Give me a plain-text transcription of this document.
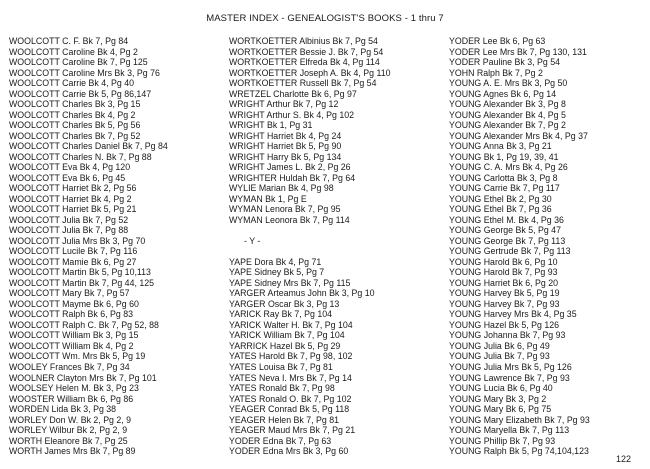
MASTER INDEX - GENEALOGIST'S BOOKS - 1 thru 7
WOOLCOTT C. F. Bk 7, Pg 84
WOOLCOTT Caroline Bk 4, Pg 2
WOOLCOTT Caroline Bk 7, Pg 125
WOOLCOTT Caroline Mrs Bk 3, Pg 76
WOOLCOTT Carrie Bk 4, Pg 40
WOOLCOTT Carrie Bk 5, Pg 86,147
WOOLCOTT Charles Bk 3, Pg 15
WOOLCOTT Charles Bk 4, Pg 2
WOOLCOTT Charles Bk 5, Pg 56
WOOLCOTT Charles Bk 7, Pg 52
WOOLCOTT Charles Daniel Bk 7, Pg 84
WOOLCOTT Charles N. Bk 7, Pg 88
WOOLCOTT Eva Bk 4, Pg 120
WOOLCOTT Eva Bk 6, Pg 45
WOOLCOTT Harriet Bk 2, Pg 56
WOOLCOTT Harriet Bk 4, Pg 2
WOOLCOTT Harriet Bk 5, Pg 21
WOOLCOTT Julia Bk 7, Pg 52
WOOLCOTT Julia Bk 7, Pg 88
WOOLCOTT Julia Mrs Bk 3, Pg 70
WOOLCOTT Lucile Bk 7, Pg 116
WOOLCOTT Mamie Bk 6, Pg 27
WOOLCOTT Martin Bk 5, Pg 10,113
WOOLCOTT Martin Bk 7, Pg 44, 125
WOOLCOTT Mary Bk 7, Pg 57
WOOLCOTT Mayme Bk 6, Pg 60
WOOLCOTT Ralph Bk 6, Pg 83
WOOLCOTT Ralph C. Bk 7, Pg 52, 88
WOOLCOTT William Bk 3, Pg 15
WOOLCOTT William Bk 4, Pg 2
WOOLCOTT Wm. Mrs Bk 5, Pg 19
WOOLEY Frances Bk 7, Pg 34
WOOLNER Clayton Mrs Bk 7, Pg 101
WOOLSEY Helen M. Bk 3, Pg 23
WOOSTER William Bk 6, Pg 86
WORDEN Lida Bk 3, Pg 38
WORLEY Don W. Bk 2, Pg 2, 9
WORLEY Wilbur Bk 2, Pg 2, 9
WORTH Eleanore Bk 7, Pg 25
WORTH James Mrs Bk 7, Pg 89
WORTKOETTER Albinius Bk 7, Pg 54
WORTKOETTER Bessie J. Bk 7, Pg 54
WORTKOETTER Elfreda Bk 4, Pg 114
WORTKOETTER Joseph A. Bk 4, Pg 110
WORTKOETTER Russell Bk 7, Pg 54
WRETZEL Charlotte Bk 6, Pg 97
WRIGHT Arthur Bk 7, Pg 12
WRIGHT Arthur S. Bk 4, Pg 102
WRIGHT Bk 1, Pg 31
WRIGHT Harriet Bk 4, Pg 24
WRIGHT Harriet Bk 5, Pg 90
WRIGHT Harry Bk 5, Pg 134
WRIGHT James L. Bk 2, Pg 26
WRIGHTER Huldah Bk 7, Pg 64
WYLIE Marian Bk 4, Pg 98
WYMAN Bk 1, Pg E
WYMAN Lenora Bk 7, Pg 95
WYMAN Leonora Bk 7, Pg 114
- Y -
YAPE Dora Bk 4, Pg 71
YAPE Sidney Bk 5, Pg 7
YAPE Sidney Mrs Bk 7, Pg 115
YARGER Arteamus John Bk 3, Pg 10
YARGER Oscar Bk 3, Pg 13
YARICK Ray Bk 7, Pg 104
YARICK Walter H. Bk 7, Pg 104
YARICK William Bk 7, Pg 104
YARRICK Hazel Bk 5, Pg 29
YATES Harold Bk 7, Pg 98, 102
YATES Louisa Bk 7, Pg 81
YATES Neva I. Mrs Bk 7, Pg 14
YATES Ronald Bk 7, Pg 98
YATES Ronald O. Bk 7, Pg 102
YEAGER Conrad Bk 5, Pg 118
YEAGER Helen Bk 7, Pg 81
YEAGER Maud Mrs Bk 7, Pg 21
YODER Edna Bk 7, Pg 63
YODER Edna Mrs Bk 3, Pg 60
YODER Lee Bk 6, Pg 63
YODER Lee Mrs Bk 7, Pg 130, 131
YODER Pauline Bk 3, Pg 54
YOHN Ralph Bk 7, Pg 2
YOUNG A. E. Mrs Bk 3, Pg 50
YOUNG Agnes Bk 6, Pg 14
YOUNG Alexander Bk 3, Pg 8
YOUNG Alexander Bk 4, Pg 5
YOUNG Alexander Bk 7, Pg 2
YOUNG Alexander Mrs Bk 4, Pg 37
YOUNG Anna Bk 3, Pg 21
YOUNG Bk 1, Pg 19, 39, 41
YOUNG C. A. Mrs Bk 4, Pg 26
YOUNG Carlotta Bk 3, Pg 8
YOUNG Carrie Bk 7, Pg 117
YOUNG Ethel Bk 2, Pg 30
YOUNG Ethel Bk 7, Pg 36
YOUNG Ethel M. Bk 4, Pg 36
YOUNG George Bk 5, Pg 47
YOUNG George Bk 7, Pg 113
YOUNG Gertrude Bk 7, Pg 113
YOUNG Harold Bk 6, Pg 10
YOUNG Harold Bk 7, Pg 93
YOUNG Harriet Bk 6, Pg 20
YOUNG Harvey Bk 5, Pg 19
YOUNG Harvey Bk 7, Pg 93
YOUNG Harvey Mrs Bk 4, Pg 35
YOUNG Hazel Bk 5, Pg 126
YOUNG Johanna Bk 7, Pg 93
YOUNG Julia Bk 6, Pg 49
YOUNG Julia Bk 7, Pg 93
YOUNG Julia Mrs Bk 5, Pg 126
YOUNG Lawrence Bk 7, Pg 93
YOUNG Lucia Bk 6, Pg 40
YOUNG Mary Bk 3, Pg 2
YOUNG Mary Bk 6, Pg 75
YOUNG Mary Elizabeth Bk 7, Pg 93
YOUNG Maryella Bk 7, Pg 113
YOUNG Phillip Bk 7, Pg 93
YOUNG Ralph Bk 5, Pg 74,104,123
122
